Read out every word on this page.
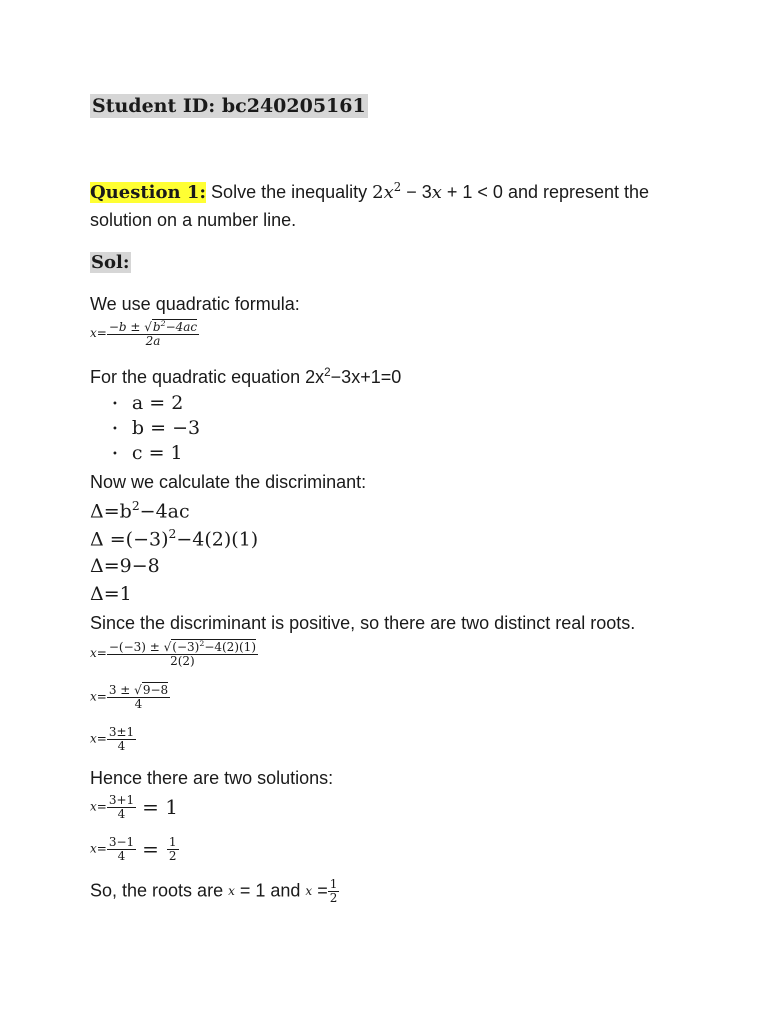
Student ID: bc240205161
Question 1: Solve the inequality $2x^2 - 3x + 1 < 0$ and represent the
solution on a number line.
Sol:
We use quadratic formula:
$x= \frac{-b \pm √b^2-4ac}{2a}$
For the quadratic equation $2x^2-3x+1=0$
• a = 2
• b = −3
• c = 1
Now we calculate the discriminant:
$\Delta=b^2-4ac$
$\Delta =(-3)^2-4(2)(1)$
Δ=9−8
Δ=1
Since the discriminant is positive, so there are two distinct real roots.
$x= \frac{-(-3) \pm √(-3)^2-4(2)(1)}{2(2)}$
$x= \frac{3 \pm √9-8}{4}$
$x= \frac{3\pm 1}{4}$
Hence there are two solutions:
$x= \frac{3+1}{4} = 1$
$x= \frac{3-1}{4} = \frac{1}{2}$
So, the roots are x = 1 and $x = \frac{1}{2}$
